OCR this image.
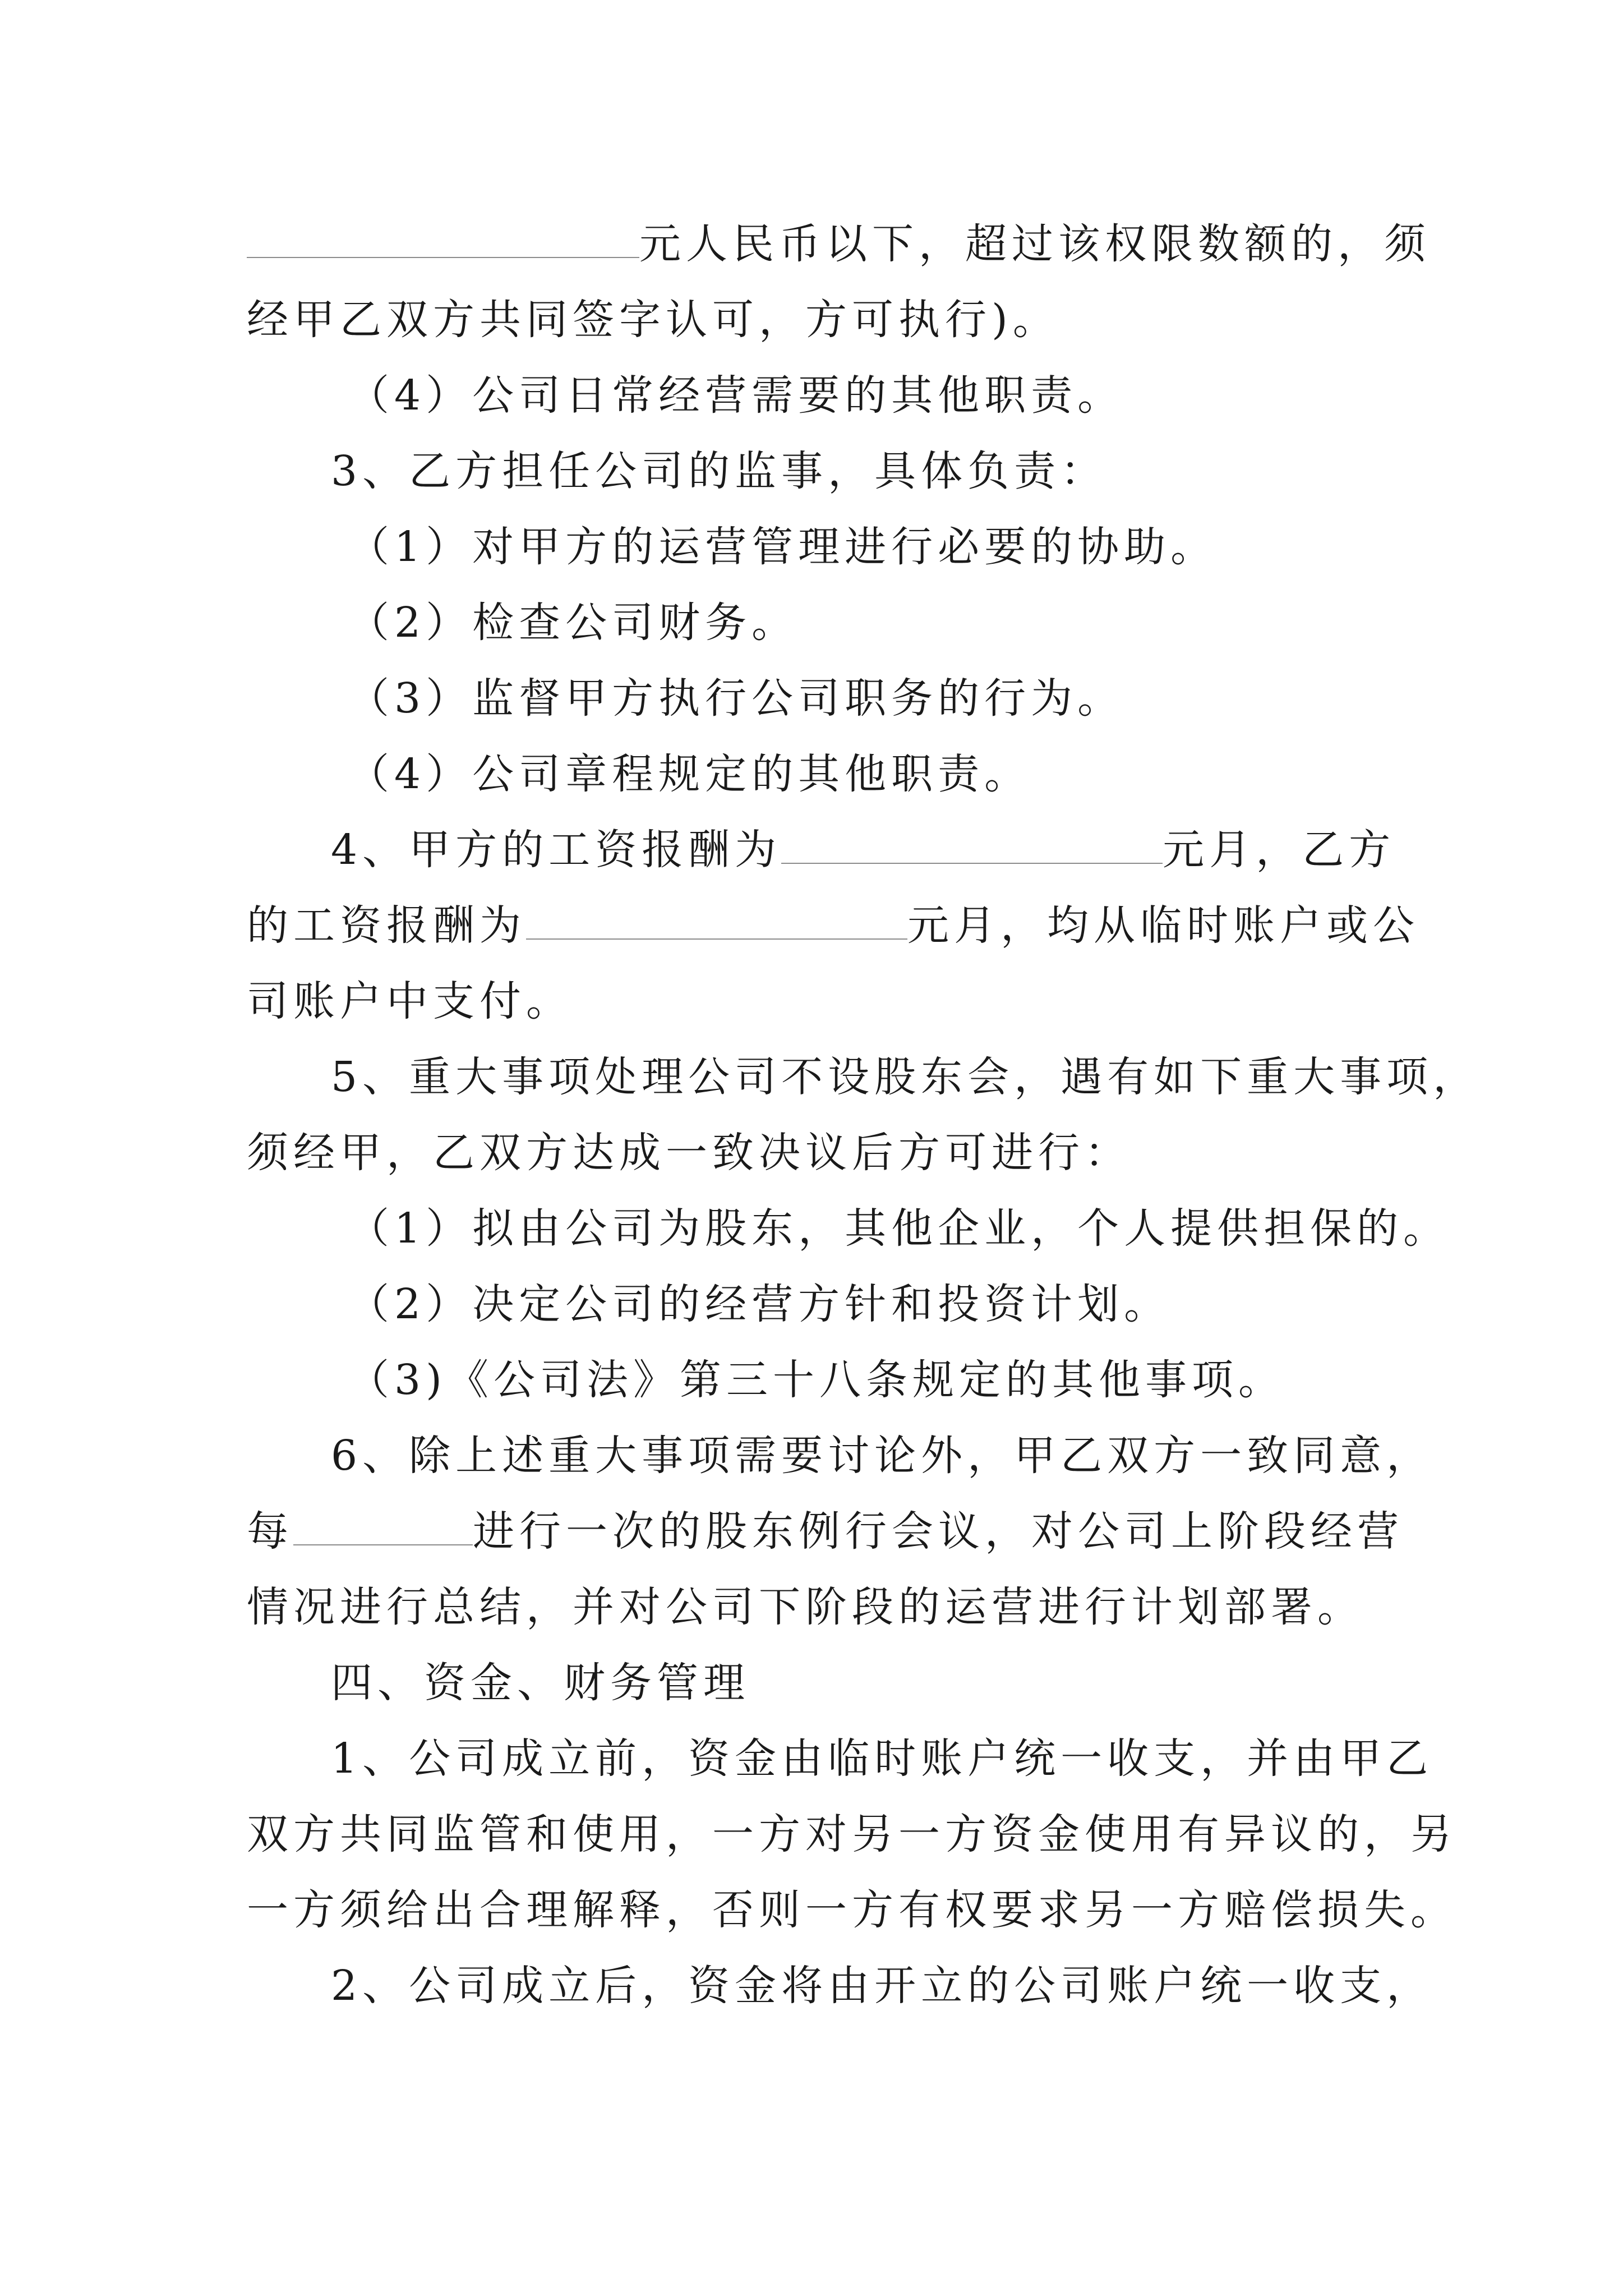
元人民币以下，超过该权限数额的，须
经甲乙双方共同签字认可，方可执行)。
（4）公司日常经营需要的其他职责。
3、乙方担任公司的监事，具体负责：
（1）对甲方的运营管理进行必要的协助。
（2）检查公司财务。
（3）监督甲方执行公司职务的行为。
（4）公司章程规定的其他职责。
4、甲方的工资报酬为	元月，乙方
的工资报酬为	元月，均从临时账户或公
司账户中支付。
5、重大事项处理公司不设股东会，遇有如下重大事项，
须经甲，乙双方达成一致决议后方可进行：
（1）拟由公司为股东，其他企业，个人提供担保的。
（2）决定公司的经营方针和投资计划。
（3)《公司法》第三十八条规定的其他事项。
6、除上述重大事项需要讨论外，甲乙双方一致同意，
每	进行一次的股东例行会议，对公司上阶段经营
情况进行总结，并对公司下阶段的运营进行计划部署。
四、资金、财务管理
1、公司成立前，资金由临时账户统一收支，并由甲乙
双方共同监管和使用，一方对另一方资金使用有异议的，另
一方须给出合理解释，否则一方有权要求另一方赔偿损失。
2、公司成立后，资金将由开立的公司账户统一收支，
